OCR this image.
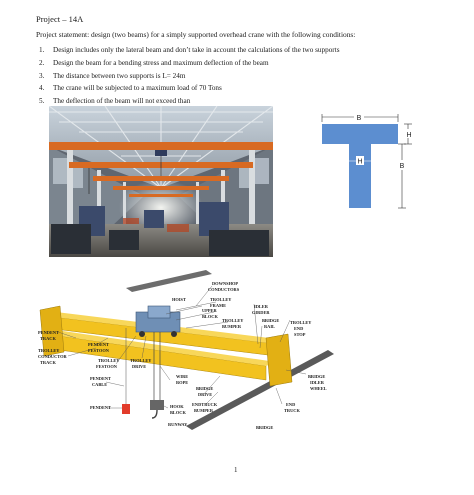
Project – 14A
Project statement: design (two beams) for a simply supported overhead crane with the following conditions:
1. Design includes only the lateral beam and don’t take in account the calculations of the two supports
2. Design the beam for a bending stress and maximum deflection of the beam
3. The distance between two supports is L= 24m
4. The crane will be subjected to a maximum load of 70 Tons
5. The deflection of the beam will not exceed than
B
H
H
B
DOWNSHOP
CONDUCTORS
HOIST	TROLLEY
FRAME
UPPER
BLOCK
IDLER
GIRDER
BRIDGE
RAIL
TROLLEY
END
STOP
TROLLEY
BUMPER
PENDENT
TRACK
PENDENT
FESTOON
TROLLEY
CONDUCTOR
TRACK	TROLLEY
FESTOON
TROLLEY
DRIVE
PENDENT
CABLE
WIRE
ROPE
BRIDGE
DRIVE
BRIDGE
IDLER
WHEEL
PENDENT	HOOK
BLOCK
ENDTRUCK
BUMPER
END
TRUCK
RUNWAY
BRIDGE
1
